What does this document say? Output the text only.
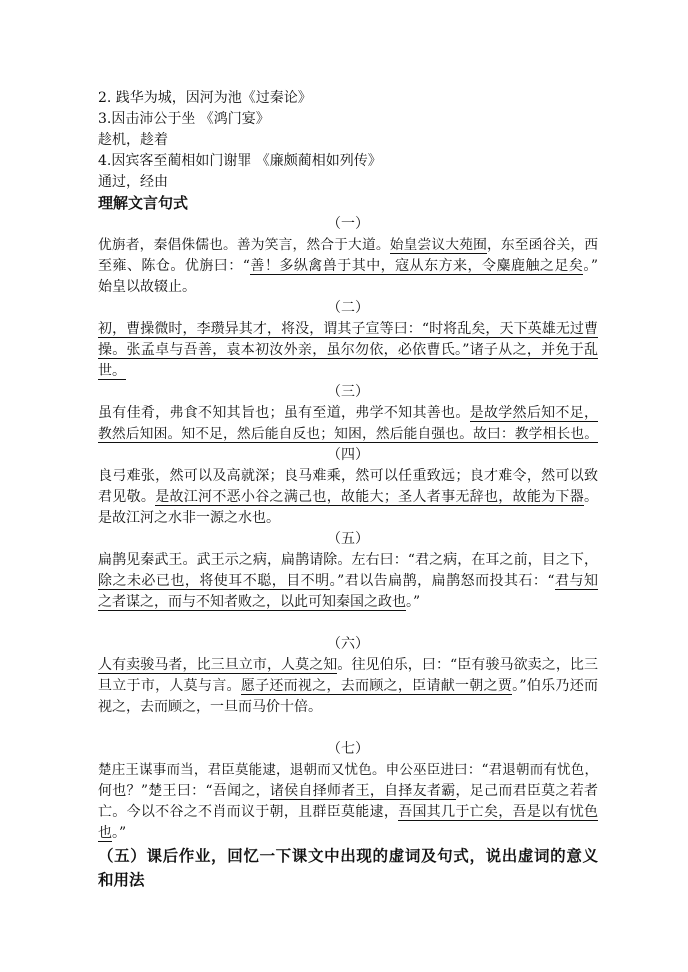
2. 践华为城，因河为池《过秦论》
3.因击沛公于坐 《鸿门宴》
趁机，趁着
4.因宾客至蔺相如门谢罪 《廉颇蔺相如列传》
通过，经由
理解文言句式
（一）
优旃者，秦倡侏儒也。善为笑言，然合于大道。始皇尝议大苑囿，东至函谷关，西
至雍、陈仓。优旃曰：“善！多纵禽兽于其中，寇从东方来，令麋鹿触之足矣。”
始皇以故辍止。
（二）
初，曹操微时，李瓒异其才，将没，谓其子宣等曰：“时将乱矣，天下英雄无过曹
操。张孟卓与吾善，袁本初汝外亲，虽尔勿依，必依曹氏。”诸子从之，并免于乱
世。
（三）
虽有佳肴，弗食不知其旨也；虽有至道，弗学不知其善也。是故学然后知不足，
教然后知困。知不足，然后能自反也；知困，然后能自强也。故曰：教学相长也。
（四）
良弓难张，然可以及高就深；良马难乘，然可以任重致远；良才难令，然可以致
君见敬。是故江河不恶小谷之满己也，故能大；圣人者事无辞也，故能为下器。
是故江河之水非一源之水也。
（五）
扁鹊见秦武王。武王示之病，扁鹊请除。左右曰：“君之病，在耳之前，目之下，
除之未必已也，将使耳不聪，目不明。”君以告扁鹊，扁鹊怒而投其石：“君与知
之者谋之，而与不知者败之，以此可知秦国之政也。”
（六）
人有卖骏马者，比三旦立市，人莫之知。往见伯乐，曰：“臣有骏马欲卖之，比三
旦立于市，人莫与言。愿子还而视之，去而顾之，臣请献一朝之贾。”伯乐乃还而
视之，去而顾之，一旦而马价十倍。
（七）
楚庄王谋事而当，君臣莫能逮，退朝而又忧色。申公巫臣进曰：“君退朝而有忧色，
何也？”楚王曰：“吾闻之，诸侯自择师者王，自择友者霸，足己而君臣莫之若者
亡。今以不谷之不肖而议于朝，且群臣莫能逮，吾国其几于亡矣，吾是以有忧色
也。”
（五）课后作业，回忆一下课文中出现的虚词及句式，说出虚词的意义
和用法
